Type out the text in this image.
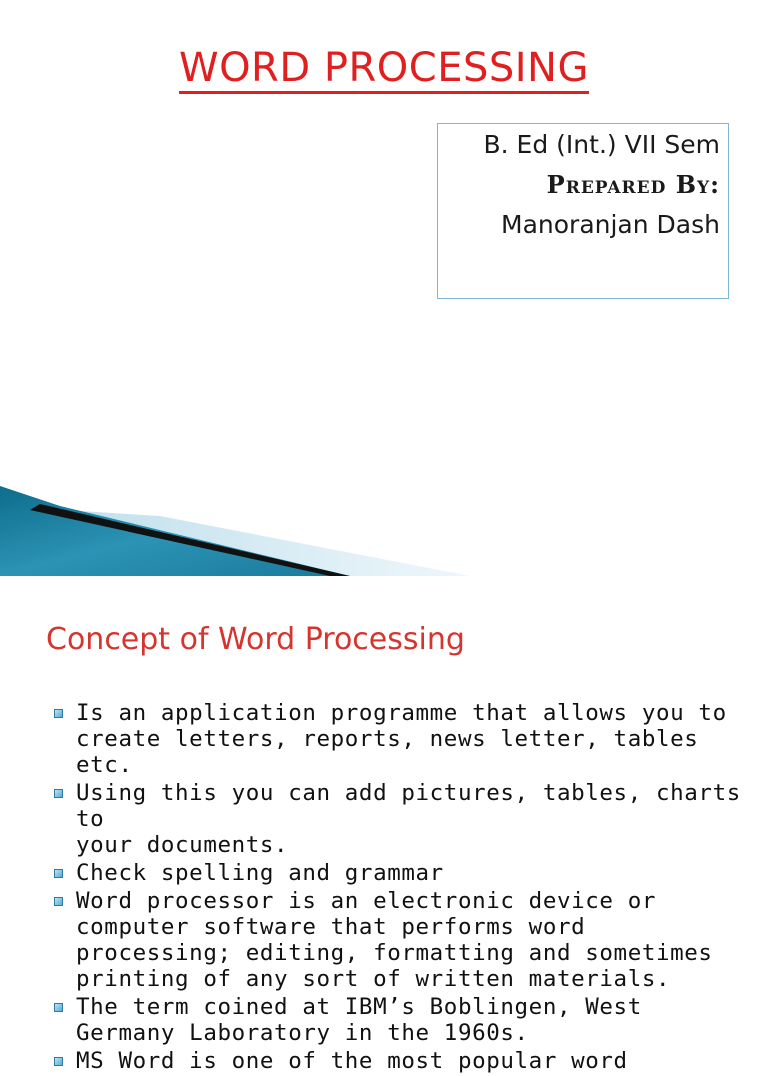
WORD PROCESSING
B. Ed (Int.) VII Sem
Prepared By:
Manoranjan Dash
Concept of Word Processing
Is an application programme that allows you to
create letters, reports, news letter, tables etc.
Using this you can add pictures, tables, charts to
your documents.
Check spelling and grammar
Word processor is an electronic device or
computer software that performs word
processing; editing, formatting and sometimes
printing of any sort of written materials.
The term coined at IBM’s Boblingen, West
Germany Laboratory in the 1960s.
MS Word is one of the most popular word
